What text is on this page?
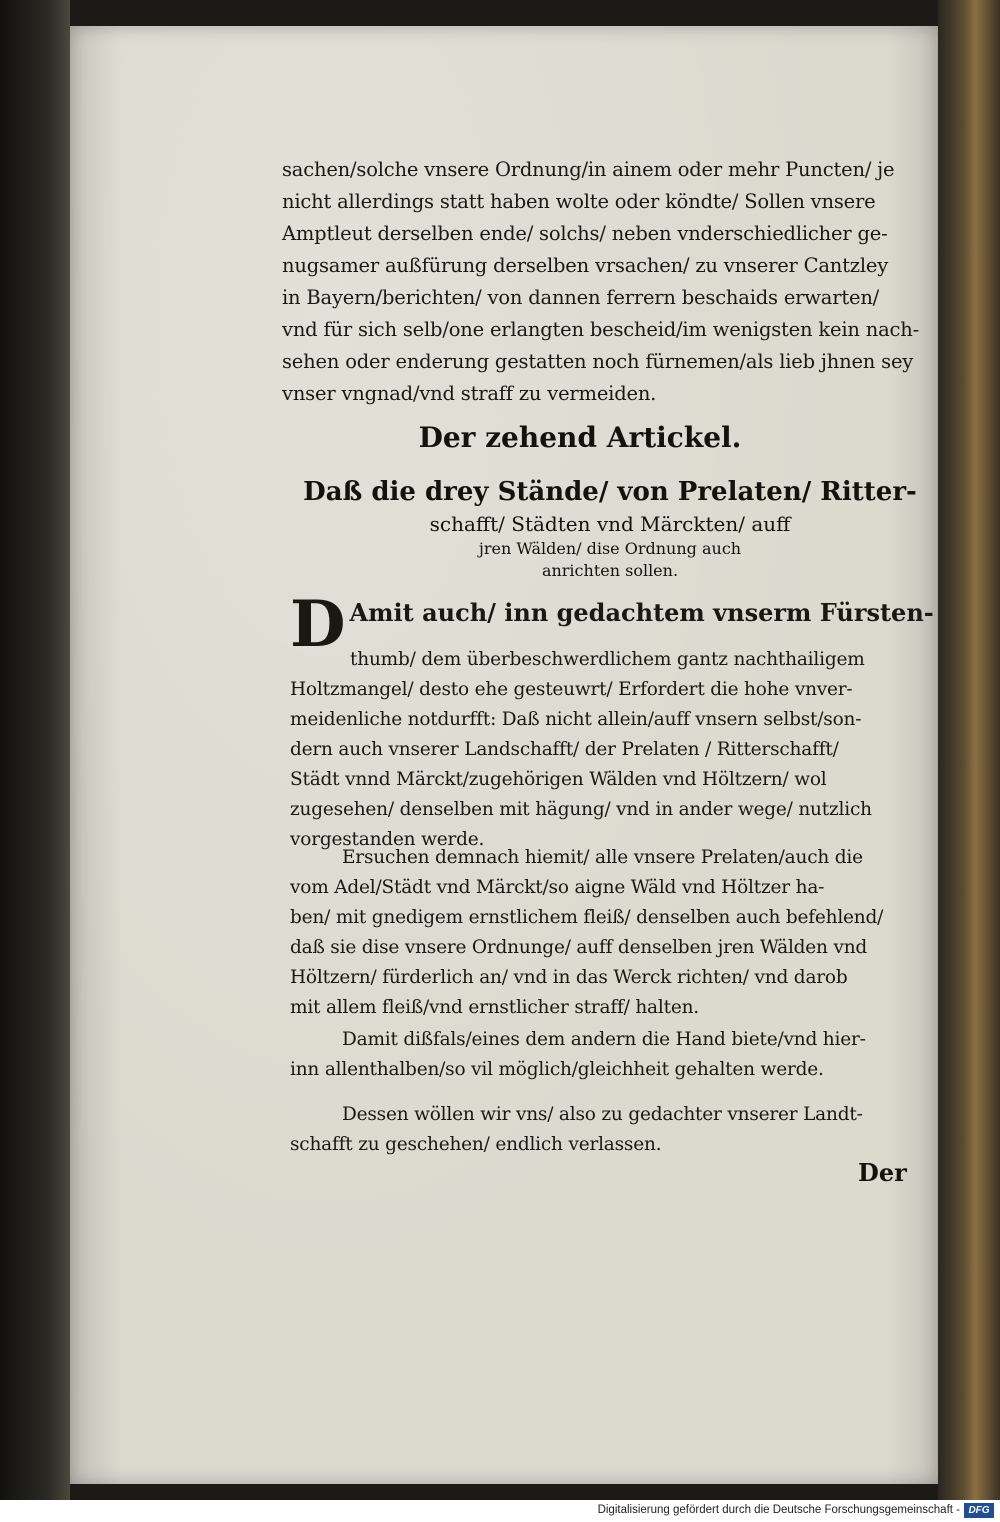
sachen/solche vnsere Ordnung/in ainem oder mehr Puncten/ je
nicht allerdings statt haben wolte oder köndte/ Sollen vnsere
Amptleut derselben ende/ solchs/ neben vnderschiedlicher ge-
nugsamer außfürung derselben vrsachen/ zu vnserer Cantzley
in Bayern/berichten/ von dannen ferrern beschaids erwarten/
vnd für sich selb/one erlangten bescheid/im wenigsten kein nach-
sehen oder enderung gestatten noch fürnemen/als lieb jhnen sey
vnser vngnad/vnd straff zu vermeiden.
Der zehend Artickel.
Daß die drey Stände/ von Prelaten/ Ritter-
schafft/ Städten vnd Märckten/ auff
jren Wälden/ dise Ordnung auch
anrichten sollen.
D Amit auch/ inn gedachtem vnserm Fürsten-
thumb/ dem überbeschwerdlichem gantz nachthailigem
Holtzmangel/ desto ehe gesteuwrt/ Erfordert die hohe vnver-
meidenliche notdurfft: Daß nicht allein/auff vnsern selbst/son-
dern auch vnserer Landschafft/ der Prelaten / Ritterschafft/
Städt vnnd Märckt/zugehörigen Wälden vnd Höltzern/ wol
zugesehen/ denselben mit hägung/ vnd in ander wege/ nutzlich
vorgestanden werde.
Ersuchen demnach hiemit/ alle vnsere Prelaten/auch die
vom Adel/Städt vnd Märckt/so aigne Wäld vnd Höltzer ha-
ben/ mit gnedigem ernstlichem fleiß/ denselben auch befehlend/
daß sie dise vnsere Ordnunge/ auff denselben jren Wälden vnd
Höltzern/ fürderlich an/ vnd in das Werck richten/ vnd darob
mit allem fleiß/vnd ernstlicher straff/ halten.
Damit dißfals/eines dem andern die Hand biete/vnd hier-
inn allenthalben/so vil möglich/gleichheit gehalten werde.
Dessen wöllen wir vns/ also zu gedachter vnserer Landt-
schafft zu geschehen/ endlich verlassen.
Der
Digitalisierung gefördert durch die Deutsche Forschungsgemeinschaft - DFG
